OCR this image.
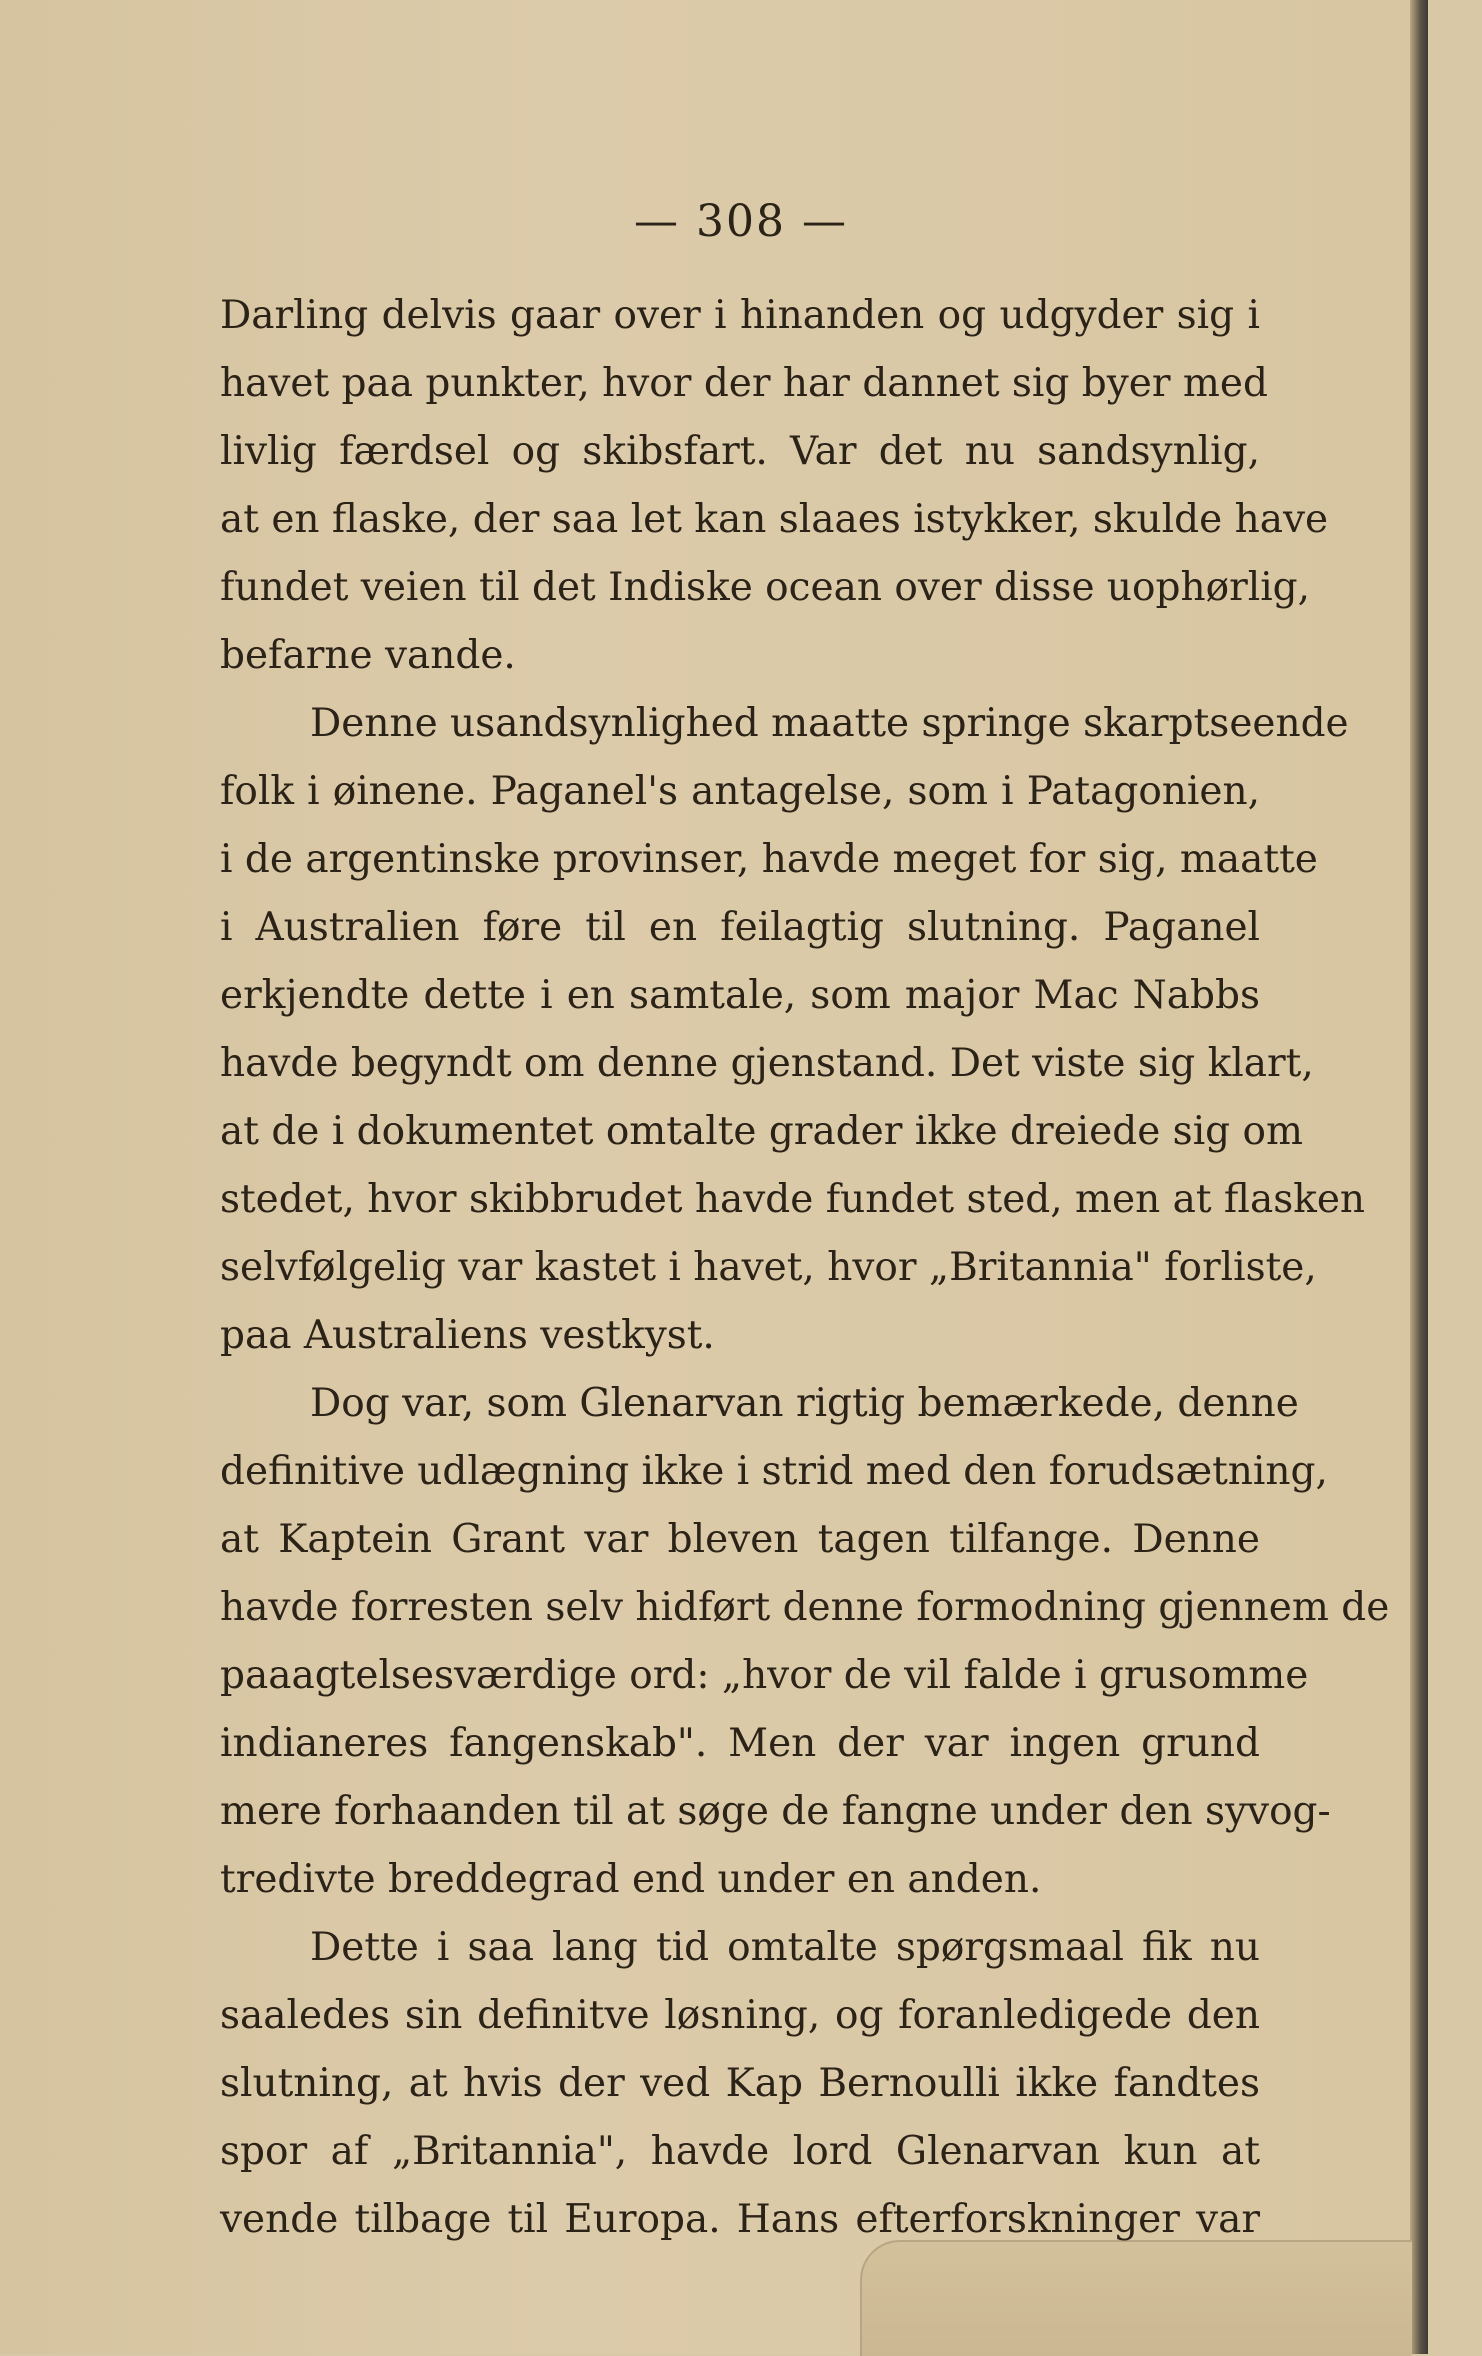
— 308 —
Darling delvis gaar over i hinanden og udgyder sig i
havet paa punkter, hvor der har dannet sig byer med
livlig færdsel og skibsfart. Var det nu sandsynlig,
at en flaske, der saa let kan slaaes istykker, skulde have
fundet veien til det Indiske ocean over disse uophørlig,
befarne vande.
Denne usandsynlighed maatte springe skarptseende
folk i øinene. Paganel's antagelse, som i Patagonien,
i de argentinske provinser, havde meget for sig, maatte
i Australien føre til en feilagtig slutning. Paganel
erkjendte dette i en samtale, som major Mac Nabbs
havde begyndt om denne gjenstand. Det viste sig klart,
at de i dokumentet omtalte grader ikke dreiede sig om
stedet, hvor skibbrudet havde fundet sted, men at flasken
selvfølgelig var kastet i havet, hvor „Britannia" forliste,
paa Australiens vestkyst.
Dog var, som Glenarvan rigtig bemærkede, denne
definitive udlægning ikke i strid med den forudsætning,
at Kaptein Grant var bleven tagen tilfange. Denne
havde forresten selv hidført denne formodning gjennem de
paaagtelsesværdige ord: „hvor de vil falde i grusomme
indianeres fangenskab". Men der var ingen grund
mere forhaanden til at søge de fangne under den syvog-
tredivte breddegrad end under en anden.
Dette i saa lang tid omtalte spørgsmaal fik nu
saaledes sin definitve løsning, og foranledigede den
slutning, at hvis der ved Kap Bernoulli ikke fandtes
spor af „Britannia", havde lord Glenarvan kun at
vende tilbage til Europa. Hans efterforskninger var
